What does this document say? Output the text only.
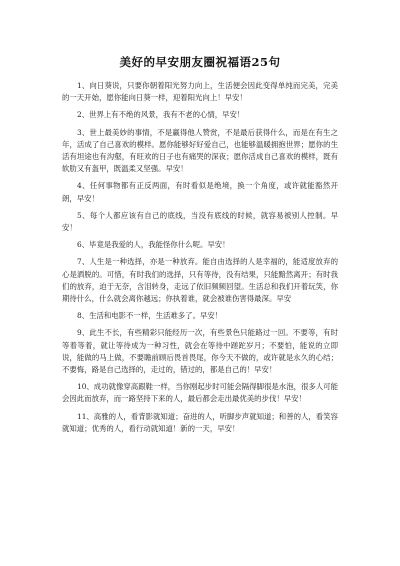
美好的早安朋友圈祝福语25句

1、向日葵说，只要你朝着阳光努力向上，生活便会因此变得单纯而完美，完美的一天开始，愿你能向日葵一样，迎着阳光向上！早安！

2、世界上有不绝的风景，我有不老的心情，早安！

3、世上最美妙的事情，不是赢得他人赞赏，不是最后获得什么，而是在有生之年，活成了自己喜欢的模样。愿你能够好好爱自己，也能够温暖拥抱世界；愿你的生活有坦途也有沟壑，有旺欢的日子也有痛哭的深夜；愿你活成自己喜欢的模样，既有软肋又有盔甲，既温柔又坚强。早安！

4、任何事物都有正反两面，有时看似是绝境，换一个角度，或许就能豁然开朗，早安！

5、每个人都应该有自己的底线，当没有底线的时候，就容易被别人控制。早安！

6、毕竟是我爱的人，我能怪你什么呢。早安！

7、人生是一种选择，亦是一种放弃。能自由选择的人是幸福的，能适度放弃的心是洒脱的。可惜，有时我们的选择，只有等待，没有结果，只能黯然离开；有时我们的放弃，迫于无奈，含泪转身，走远了依旧频频回望。生活总和我们开着玩笑，你期待什么，什么就会离你越远；你执着谁，就会被谁伤害得最深。早安

8、生活和电影不一样，生活难多了。早安！

9、此生不长，有些精彩只能经历一次，有些景色只能路过一回。不要等，有时等着等着，就让等待成为一种习性，就会在等待中蹉跎岁月；不要怕，能说的立即说，能做的马上做，不要瞻前顾后畏首畏尾，你今天不做的，或许就是永久的心结；不要悔，路是自己选择的，走过的，错过的，都是自己的！早安！

10、成功就像穿高跟鞋一样，当你刚起步时可能会隔得脚很是水泡，很多人可能会因此而放弃，而一路坚持下来的人，最后都会走出最优美的步伐！早安！

11、高雅的人，看背影就知道；奋进的人，听脚步声就知道；和善的人，看笑容就知道；优秀的人，看行动就知道！新的一天，早安！
